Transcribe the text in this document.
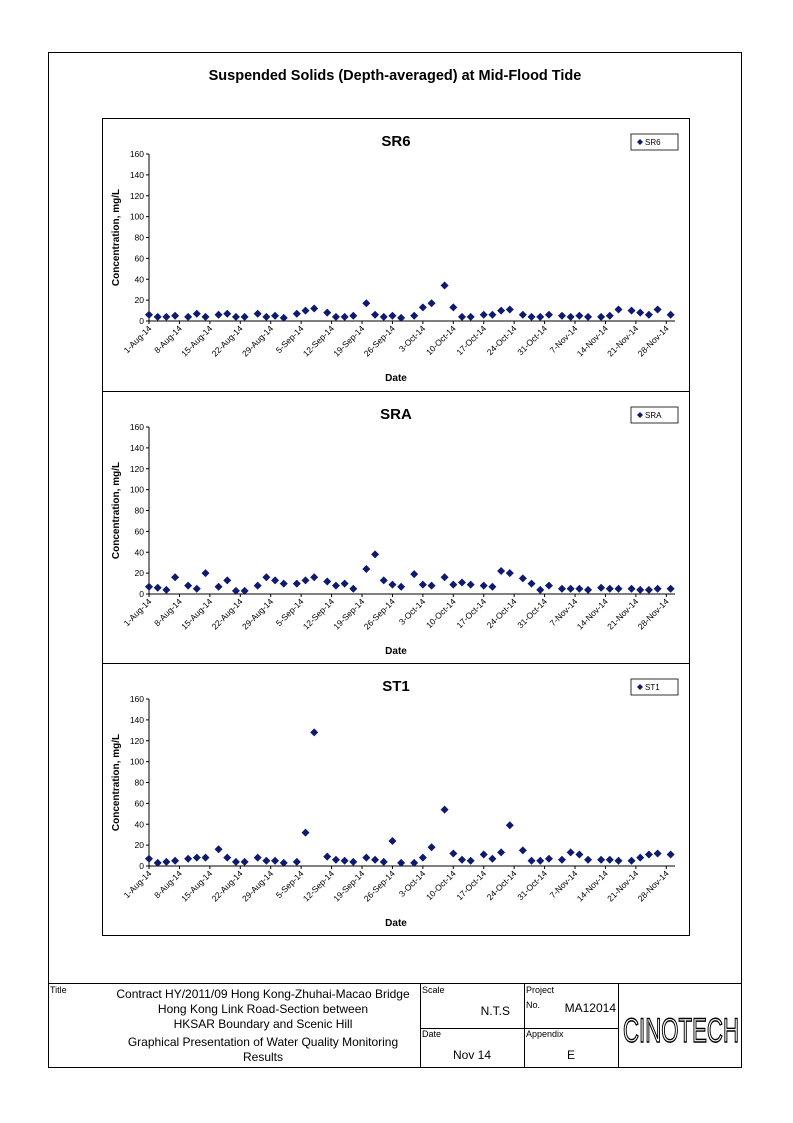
Suspended Solids (Depth-averaged) at Mid-Flood Tide
SR6
0
20
40
60
80
100
120
140
160
1-Aug-14
8-Aug-14
15-Aug-14
22-Aug-14
29-Aug-14
5-Sep-14
12-Sep-14
19-Sep-14
26-Sep-14 3-Oct-14
10-Oct-14
17-Oct-14
24-Oct-14
31-Oct-14
7-Nov-14
14-Nov-14
21-Nov-14
28-Nov-14
Date
Concentration, mg/L
SR6
SRA
0
20
40
60
80
100
120
140
160
1-Aug-14
8-Aug-14
15-Aug-14
22-Aug-14
29-Aug-14
5-Sep-14
12-Sep-14
19-Sep-14
26-Sep-14 3-Oct-14
10-Oct-14
17-Oct-14
24-Oct-14
31-Oct-14
7-Nov-14
14-Nov-14
21-Nov-14
28-Nov-14
Date
Concentration, mg/L
SRA
ST1
0
20
40
60
80
100
120
140
160
1-Aug-14
8-Aug-14
15-Aug-14
22-Aug-14
29-Aug-14
5-Sep-14
12-Sep-14
19-Sep-14
26-Sep-14 3-Oct-14
10-Oct-14
17-Oct-14
24-Oct-14
31-Oct-14
7-Nov-14
14-Nov-14
21-Nov-14
28-Nov-14
Date
Concentration, mg/L
ST1
Title	Contract HY/2011/09 Hong Kong-Zhuhai-Macao Bridge
Hong Kong Link Road-Section between
HKSAR Boundary and Scenic Hill
Graphical Presentation of Water Quality Monitoring
Results
Scale
N.T.S
Project
No. MA12014
Date
Nov 14
Appendix
E
CINOTECH
